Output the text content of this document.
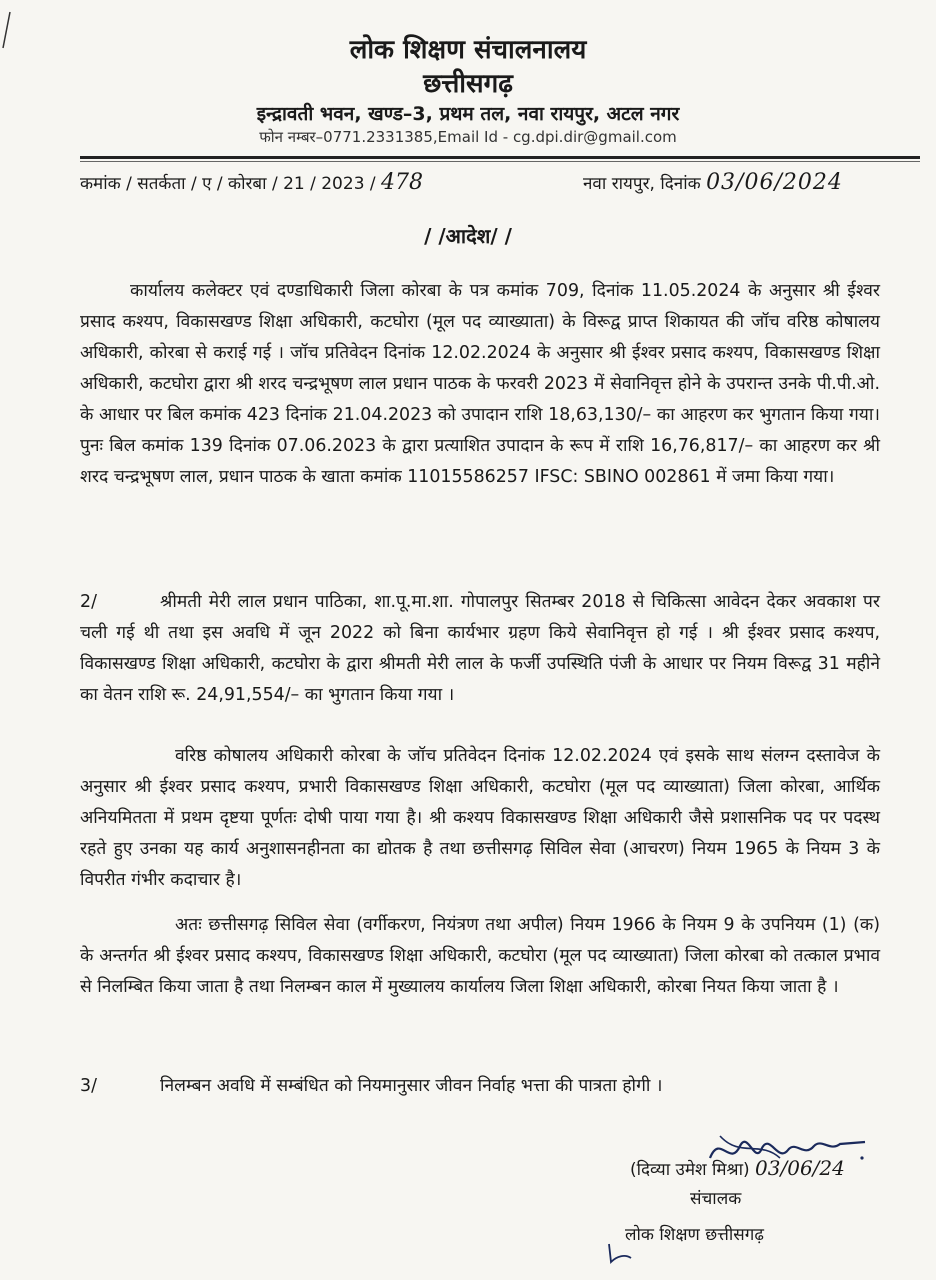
लोक शिक्षण संचालनालय
छत्तीसगढ़
इन्द्रावती भवन, खण्ड–3, प्रथम तल, नवा रायपुर, अटल नगर
फोन नम्बर–0771.2331385,Email Id - cg.dpi.dir@gmail.com
कमांक / सतर्कता / ए / कोरबा / 21 / 2023 / 478	नवा रायपुर, दिनांक 03/06/2024
/ /आदेश/ /
कार्यालय कलेक्टर एवं दण्डाधिकारी जिला कोरबा के पत्र कमांक 709, दिनांक 11.05.2024 के अनुसार श्री ईश्वर प्रसाद कश्यप, विकासखण्ड शिक्षा अधिकारी, कटघोरा (मूल पद व्याख्याता) के विरूद्व प्राप्त शिकायत की जॉच वरिष्ठ कोषालय अधिकारी, कोरबा से कराई गई । जॉच प्रतिवेदन दिनांक 12.02.2024 के अनुसार श्री ईश्वर प्रसाद कश्यप, विकासखण्ड शिक्षा अधिकारी, कटघोरा द्वारा श्री शरद चन्द्रभूषण लाल प्रधान पाठक के फरवरी 2023 में सेवानिवृत्त होने के उपरान्त उनके पी.पी.ओ. के आधार पर बिल कमांक 423 दिनांक 21.04.2023 को उपादान राशि 18,63,130/– का आहरण कर भुगतान किया गया। पुनः बिल कमांक 139 दिनांक 07.06.2023 के द्वारा प्रत्याशित उपादान के रूप में राशि 16,76,817/– का आहरण कर श्री शरद चन्द्रभूषण लाल, प्रधान पाठक के खाता कमांक 11015586257 IFSC: SBINO 002861 में जमा किया गया।
2/	श्रीमती मेरी लाल प्रधान पाठिका, शा.पू.मा.शा. गोपालपुर सितम्बर 2018 से चिकित्सा आवेदन देकर अवकाश पर चली गई थी तथा इस अवधि में जून 2022 को बिना कार्यभार ग्रहण किये सेवानिवृत्त हो गई । श्री ईश्वर प्रसाद कश्यप, विकासखण्ड शिक्षा अधिकारी, कटघोरा के द्वारा श्रीमती मेरी लाल के फर्जी उपस्थिति पंजी के आधार पर नियम विरूद्व 31 महीने का वेतन राशि रू. 24,91,554/– का भुगतान किया गया ।
वरिष्ठ कोषालय अधिकारी कोरबा के जॉच प्रतिवेदन दिनांक 12.02.2024 एवं इसके साथ संलग्न दस्तावेज के अनुसार श्री ईश्वर प्रसाद कश्यप, प्रभारी विकासखण्ड शिक्षा अधिकारी, कटघोरा (मूल पद व्याख्याता) जिला कोरबा, आर्थिक अनियमितता में प्रथम दृष्टया पूर्णतः दोषी पाया गया है। श्री कश्यप विकासखण्ड शिक्षा अधिकारी जैसे प्रशासनिक पद पर पदस्थ रहते हुए उनका यह कार्य अनुशासनहीनता का द्योतक है तथा छत्तीसगढ़ सिविल सेवा (आचरण) नियम 1965 के नियम 3 के विपरीत गंभीर कदाचार है।
अतः छत्तीसगढ़ सिविल सेवा (वर्गीकरण, नियंत्रण तथा अपील) नियम 1966 के नियम 9 के उपनियम (1) (क) के अन्तर्गत श्री ईश्वर प्रसाद कश्यप, विकासखण्ड शिक्षा अधिकारी, कटघोरा (मूल पद व्याख्याता) जिला कोरबा को तत्काल प्रभाव से निलम्बित किया जाता है तथा निलम्बन काल में मुख्यालय कार्यालय जिला शिक्षा अधिकारी, कोरबा नियत किया जाता है ।
3/	निलम्बन अवधि में सम्बंधित को नियमानुसार जीवन निर्वाह भत्ता की पात्रता होगी ।
(दिव्या उमेश मिश्रा) 03/06/24
संचालक
लोक शिक्षण छत्तीसगढ़
